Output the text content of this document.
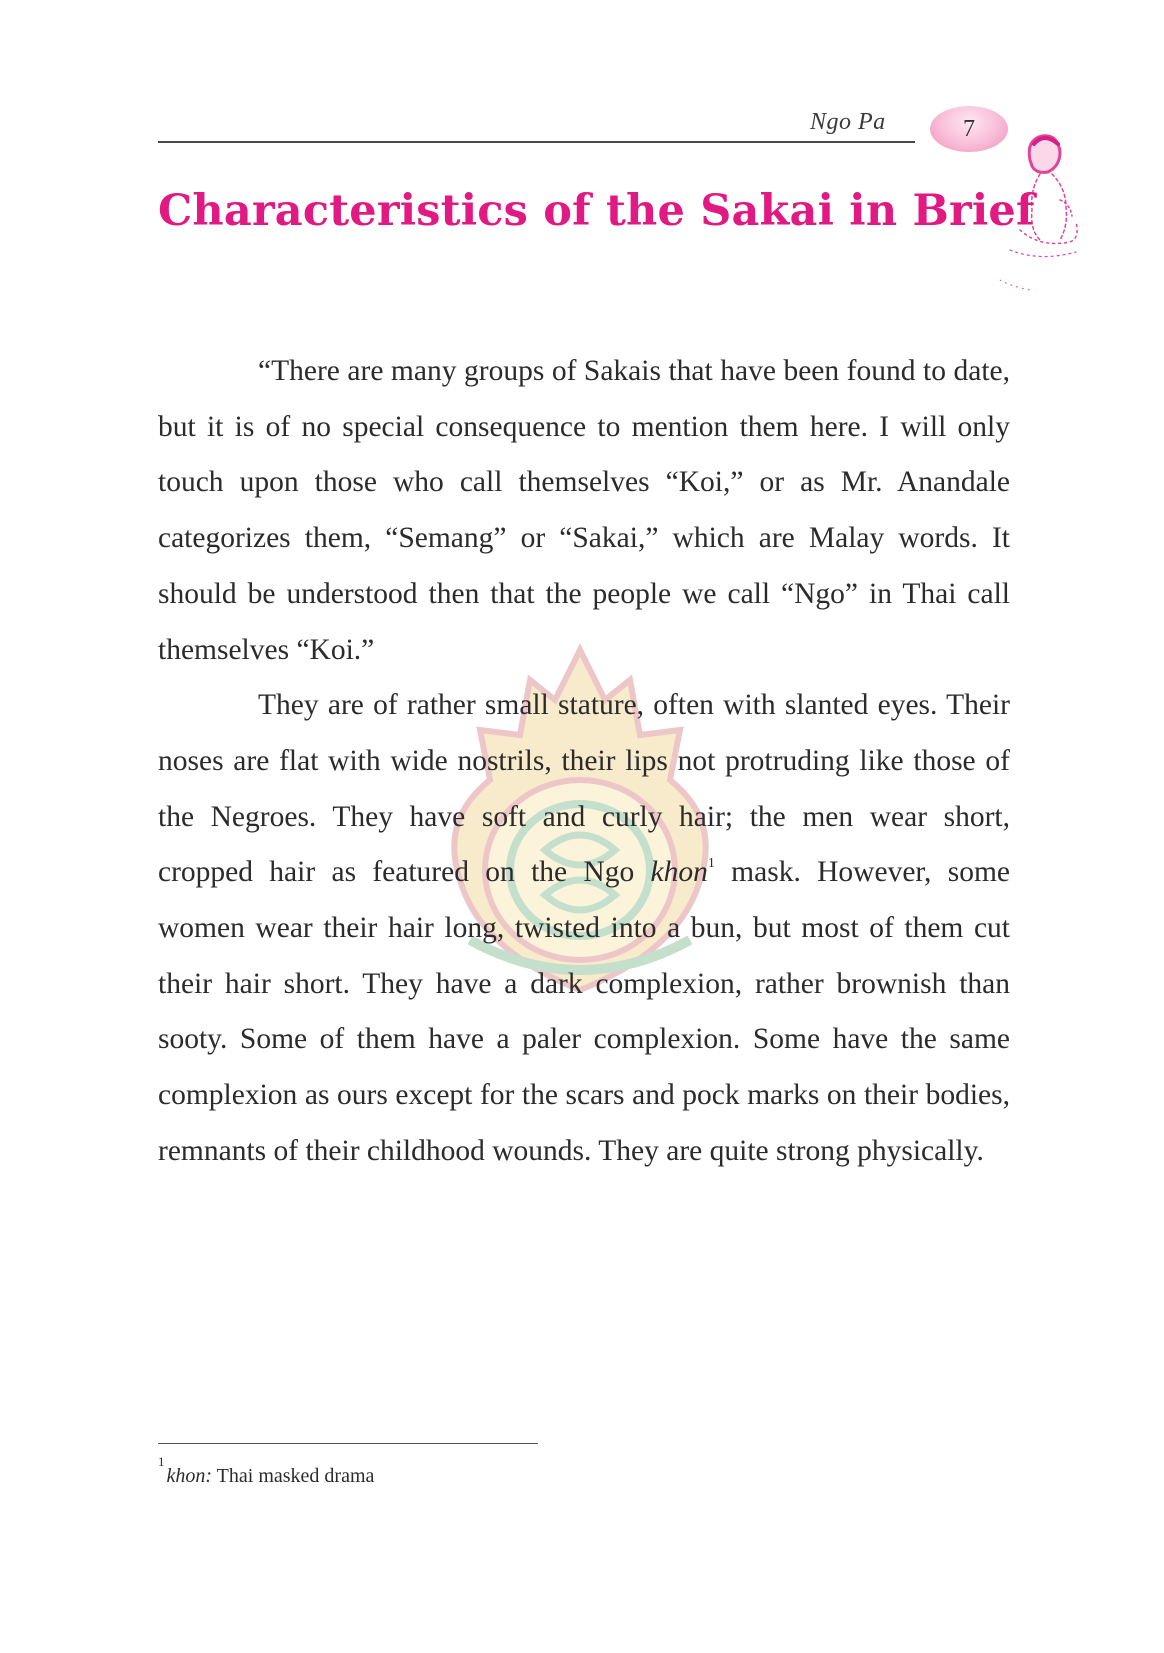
Ngo Pa	7
Characteristics of the Sakai in Brief

“There are many groups of Sakais that have been found to date, but it is of no special consequence to mention them here. I will only touch upon those who call themselves “Koi,” or as Mr. Anandale categorizes them, “Semang” or “Sakai,” which are Malay words. It should be understood then that the people we call “Ngo” in Thai call themselves “Koi.”

They are of rather small stature, often with slanted eyes. Their noses are flat with wide nostrils, their lips not protruding like those of the Negroes. They have soft and curly hair; the men wear short, cropped hair as featured on the Ngo khon$^1$ mask. However, some women wear their hair long, twisted into a bun, but most of them cut their hair short. They have a dark complexion, rather brownish than sooty. Some of them have a paler complexion. Some have the same complexion as ours except for the scars and pock marks on their bodies, remnants of their childhood wounds. They are quite strong physically.

$^1$khon: Thai masked drama
